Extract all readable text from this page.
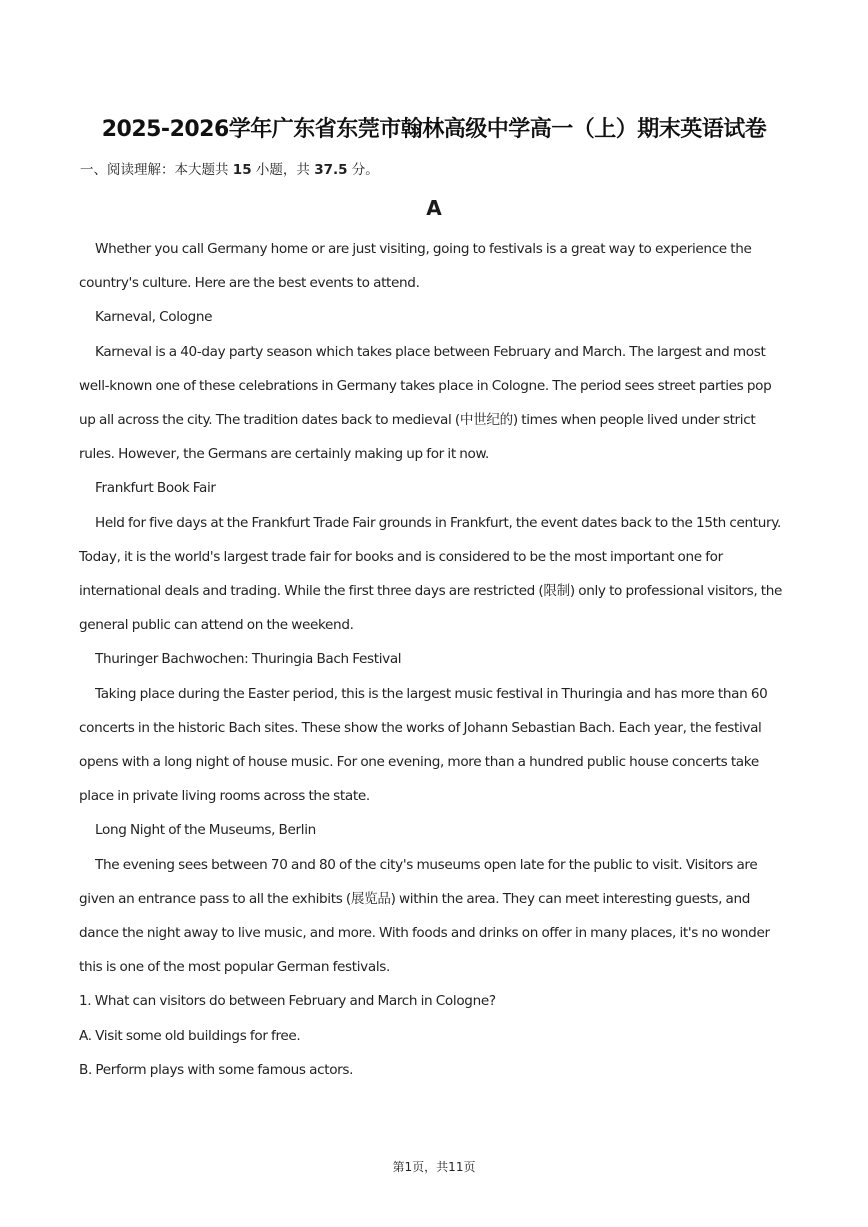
2025-2026学年广东省东莞市翰林高级中学高一（上）期末英语试卷
一、阅读理解：本大题共 15 小题，共 37.5 分。
A

Whether you call Germany home or are just visiting, going to festivals is a great way to experience the country's culture. Here are the best events to attend.

Karneval, Cologne

Karneval is a 40-day party season which takes place between February and March. The largest and most well-known one of these celebrations in Germany takes place in Cologne. The period sees street parties pop up all across the city. The tradition dates back to medieval (中世纪的) times when people lived under strict rules. However, the Germans are certainly making up for it now.

Frankfurt Book Fair

Held for five days at the Frankfurt Trade Fair grounds in Frankfurt, the event dates back to the 15th century. Today, it is the world's largest trade fair for books and is considered to be the most important one for international deals and trading. While the first three days are restricted (限制) only to professional visitors, the general public can attend on the weekend.

Thuringer Bachwochen: Thuringia Bach Festival

Taking place during the Easter period, this is the largest music festival in Thuringia and has more than 60 concerts in the historic Bach sites. These show the works of Johann Sebastian Bach. Each year, the festival opens with a long night of house music. For one evening, more than a hundred public house concerts take place in private living rooms across the state.

Long Night of the Museums, Berlin

The evening sees between 70 and 80 of the city's museums open late for the public to visit. Visitors are given an entrance pass to all the exhibits (展览品) within the area. They can meet interesting guests, and dance the night away to live music, and more. With foods and drinks on offer in many places, it's no wonder this is one of the most popular German festivals.

1. What can visitors do between February and March in Cologne?

A. Visit some old buildings for free.

B. Perform plays with some famous actors.

第1页，共11页
